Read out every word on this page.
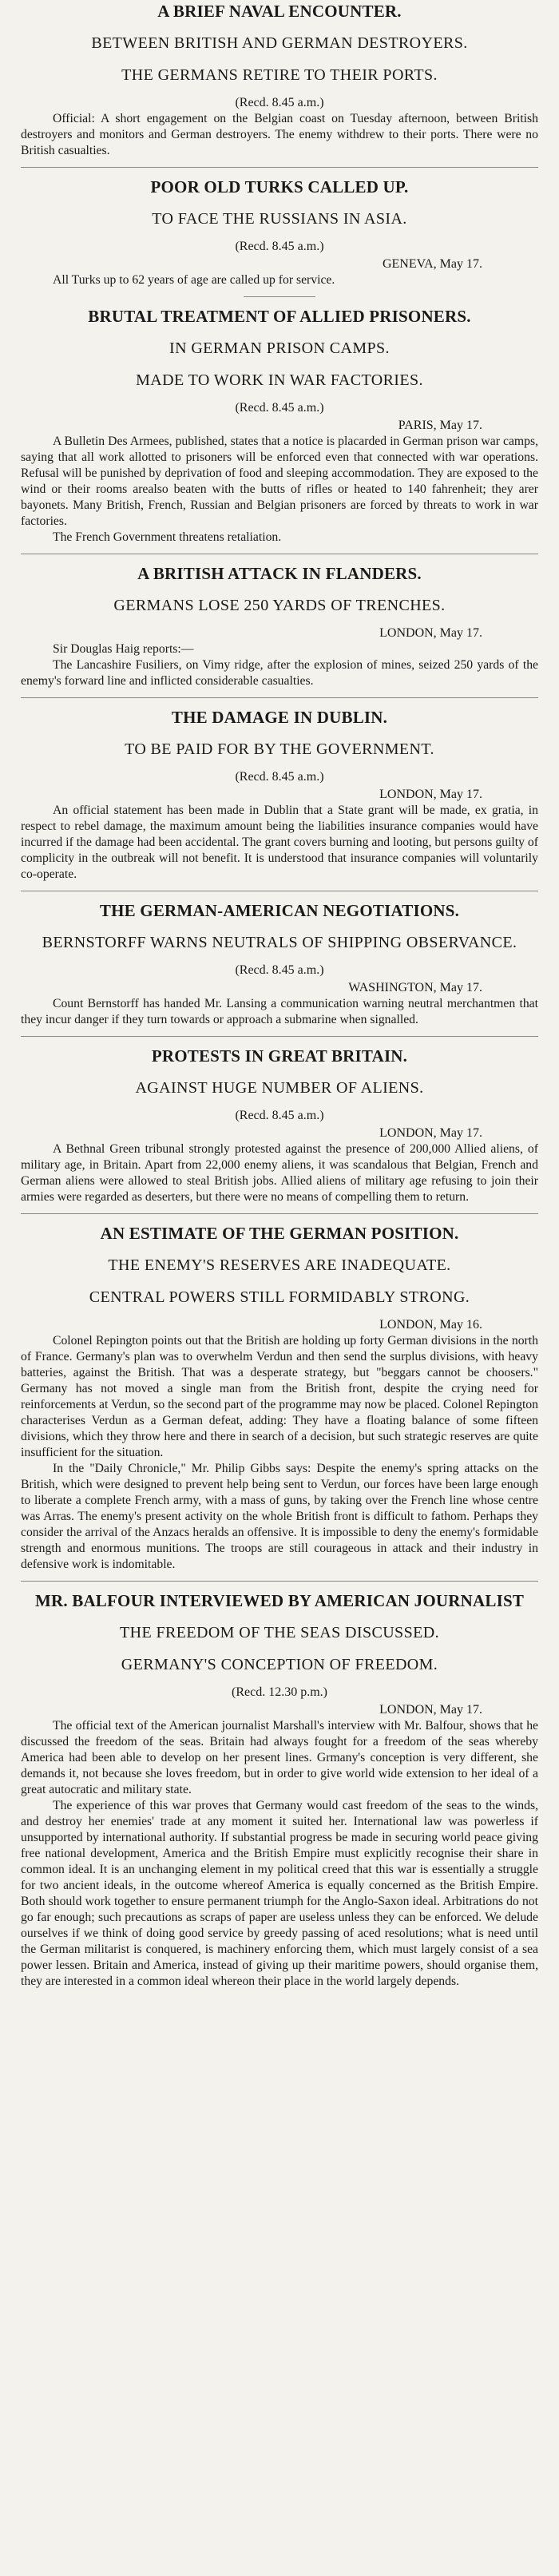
A BRIEF NAVAL ENCOUNTER.
BETWEEN BRITISH AND GERMAN DESTROYERS.
THE GERMANS RETIRE TO THEIR PORTS.
(Recd. 8.45 a.m.)

Official: A short engagement on the Belgian coast on Tuesday afternoon, between British destroyers and monitors and German destroyers. The enemy withdrew to their ports. There were no British casualties.

POOR OLD TURKS CALLED UP.
TO FACE THE RUSSIANS IN ASIA.
(Recd. 8.45 a.m.)
GENEVA, May 17.

All Turks up to 62 years of age are called up for service.

BRUTAL TREATMENT OF ALLIED PRISONERS.
IN GERMAN PRISON CAMPS.
MADE TO WORK IN WAR FACTORIES.
(Recd. 8.45 a.m.)
PARIS, May 17.

A Bulletin Des Armees, published, states that a notice is placarded in German prison war camps, saying that all work allotted to prisoners will be enforced even that connected with war operations. Refusal will be punished by deprivation of food and sleeping accommodation. They are exposed to the wind or their rooms arealso beaten with the butts of rifles or heated to 140 fahrenheit; they arer bayonets. Many British, French, Russian and Belgian prisoners are forced by threats to work in war factories.

The French Government threatens retaliation.

A BRITISH ATTACK IN FLANDERS.
GERMANS LOSE 250 YARDS OF TRENCHES.
LONDON, May 17.

Sir Douglas Haig reports:—

The Lancashire Fusiliers, on Vimy ridge, after the explosion of mines, seized 250 yards of the enemy's forward line and inflicted considerable casualties.

THE DAMAGE IN DUBLIN.
TO BE PAID FOR BY THE GOVERNMENT.
(Recd. 8.45 a.m.)
LONDON, May 17.

An official statement has been made in Dublin that a State grant will be made, ex gratia, in respect to rebel damage, the maximum amount being the liabilities insurance companies would have incurred if the damage had been accidental. The grant covers burning and looting, but persons guilty of complicity in the outbreak will not benefit. It is understood that insurance companies will voluntarily co-operate.

THE GERMAN-AMERICAN NEGOTIATIONS.
BERNSTORFF WARNS NEUTRALS OF SHIPPING OBSERVANCE.
(Recd. 8.45 a.m.)
WASHINGTON, May 17.

Count Bernstorff has handed Mr. Lansing a communication warning neutral merchantmen that they incur danger if they turn towards or approach a submarine when signalled.

PROTESTS IN GREAT BRITAIN.
AGAINST HUGE NUMBER OF ALIENS.
(Recd. 8.45 a.m.)
LONDON, May 17.

A Bethnal Green tribunal strongly protested against the presence of 200,000 Allied aliens, of military age, in Britain. Apart from 22,000 enemy aliens, it was scandalous that Belgian, French and German aliens were allowed to steal British jobs. Allied aliens of military age refusing to join their armies were regarded as deserters, but there were no means of compelling them to return.

AN ESTIMATE OF THE GERMAN POSITION.
THE ENEMY'S RESERVES ARE INADEQUATE.
CENTRAL POWERS STILL FORMIDABLY STRONG.
LONDON, May 16.

Colonel Repington points out that the British are holding up forty German divisions in the north of France. Germany's plan was to overwhelm Verdun and then send the surplus divisions, with heavy batteries, against the British. That was a desperate strategy, but "beggars cannot be choosers." Germany has not moved a single man from the British front, despite the crying need for reinforcements at Verdun, so the second part of the programme may now be placed. Colonel Repington characterises Verdun as a German defeat, adding: They have a floating balance of some fifteen divisions, which they throw here and there in search of a decision, but such strategic reserves are quite insufficient for the situation.

In the "Daily Chronicle," Mr. Philip Gibbs says: Despite the enemy's spring attacks on the British, which were designed to prevent help being sent to Verdun, our forces have been large enough to liberate a complete French army, with a mass of guns, by taking over the French line whose centre was Arras. The enemy's present activity on the whole British front is difficult to fathom. Perhaps they consider the arrival of the Anzacs heralds an offensive. It is impossible to deny the enemy's formidable strength and enormous munitions. The troops are still courageous in attack and their industry in defensive work is indomitable.

MR. BALFOUR INTERVIEWED BY AMERICAN JOURNALIST
THE FREEDOM OF THE SEAS DISCUSSED.
GERMANY'S CONCEPTION OF FREEDOM.
(Recd. 12.30 p.m.)
LONDON, May 17.

The official text of the American journalist Marshall's interview with Mr. Balfour, shows that he discussed the freedom of the seas. Britain had always fought for a freedom of the seas whereby America had been able to develop on her present lines. Grmany's conception is very different, she demands it, not because she loves freedom, but in order to give world wide extension to her ideal of a great autocratic and military state.

The experience of this war proves that Germany would cast freedom of the seas to the winds, and destroy her enemies' trade at any moment it suited her. International law was powerless if unsupported by international authority. If substantial progress be made in securing world peace giving free national development, America and the British Empire must explicitly recognise their share in common ideal. It is an unchanging element in my political creed that this war is essentially a struggle for two ancient ideals, in the outcome whereof America is equally concerned as the British Empire. Both should work together to ensure permanent triumph for the Anglo-Saxon ideal. Arbitrations do not go far enough; such precautions as scraps of paper are useless unless they can be enforced. We delude ourselves if we think of doing good service by greedy passing of aced resolutions; what is need until the German militarist is conquered, is machinery enforcing them, which must largely consist of a sea power lessen. Britain and America, instead of giving up their maritime powers, should organise them, they are interested in a common ideal whereon their place in the world largely depends.
